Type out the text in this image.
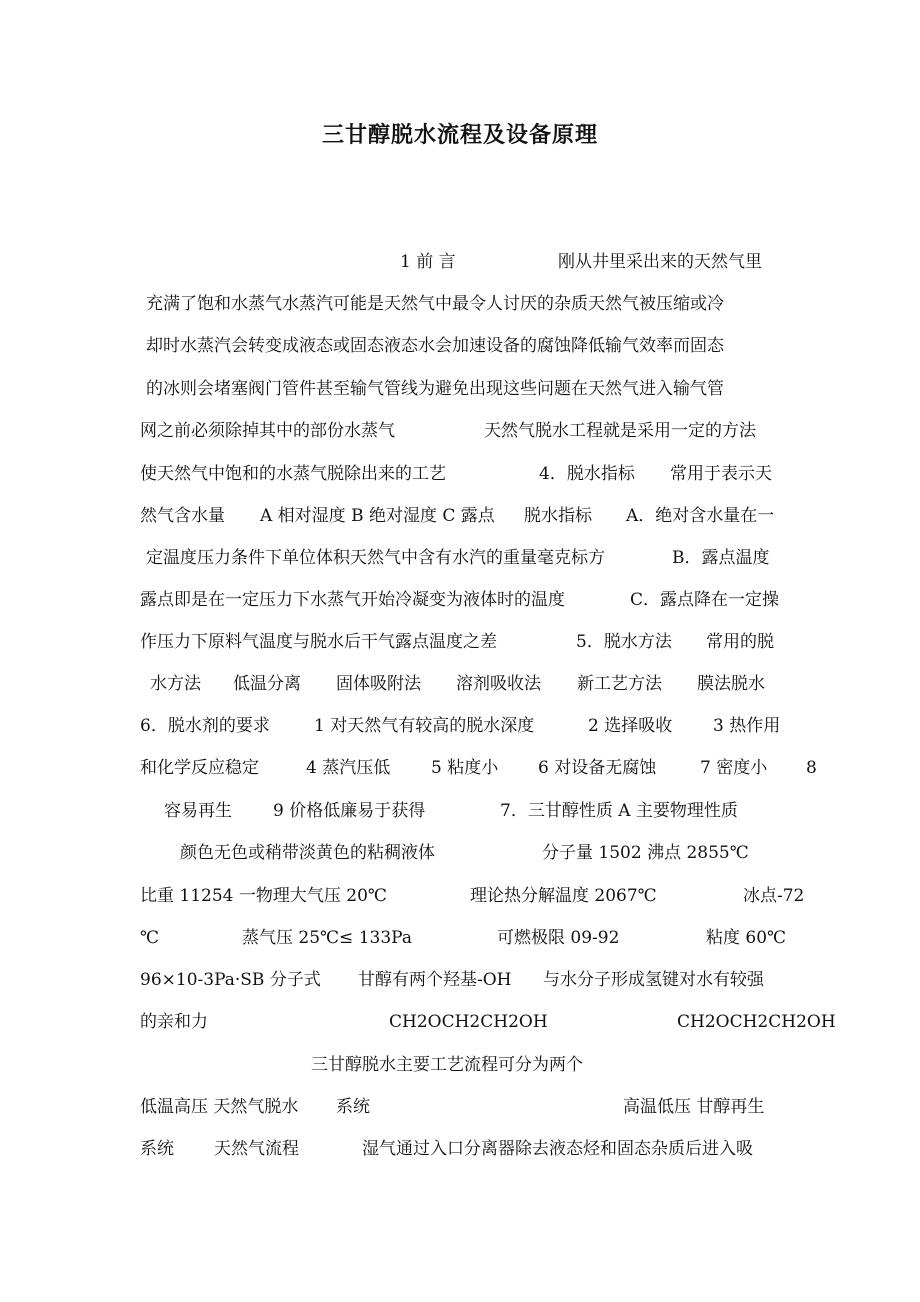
三甘醇脱水流程及设备原理
1 前 言	刚从井里采出来的天然气里
充满了饱和水蒸气水蒸汽可能是天然气中最令人讨厌的杂质天然气被压缩或冷
却时水蒸汽会转变成液态或固态液态水会加速设备的腐蚀降低输气效率而固态
的冰则会堵塞阀门管件甚至输气管线为避免出现这些问题在天然气进入输气管
网之前必须除掉其中的部份水蒸气	天然气脱水工程就是采用一定的方法
使天然气中饱和的水蒸气脱除出来的工艺	4．脱水指标 常用于表示天
然气含水量 A 相对湿度 B 绝对湿度 C 露点 脱水指标 A．绝对含水量在一
定温度压力条件下单位体积天然气中含有水汽的重量毫克标方	B．露点温度
露点即是在一定压力下水蒸气开始冷凝变为液体时的温度	C．露点降在一定操
作压力下原料气温度与脱水后干气露点温度之差	5．脱水方法 常用的脱
水方法 低温分离 固体吸附法 溶剂吸收法 新工艺方法 膜法脱水
6．脱水剂的要求	1 对天然气有较高的脱水深度	2 选择吸收 3 热作用
和化学反应稳定	4 蒸汽压低 5 粘度小 6 对设备无腐蚀	7 密度小 8
容易再生 9 价格低廉易于获得	7．三甘醇性质 A 主要物理性质
颜色无色或稍带淡黄色的粘稠液体	分子量 1502 沸点 2855℃
比重 11254 一物理大气压 20℃	理论热分解温度 2067℃	冰点-72
℃	蒸气压 25℃≤ 133Pa	可燃极限 09-92	粘度 60℃
96×10-3Pa·SB 分子式 甘醇有两个羟基-OH 与水分子形成氢键对水有较强
的亲和力	CH2OCH2CH2OH	CH2OCH2CH2OH
三甘醇脱水主要工艺流程可分为两个
低温高压 天然气脱水 系统	高温低压 甘醇再生
系统 天然气流程	湿气通过入口分离器除去液态烃和固态杂质后进入吸
